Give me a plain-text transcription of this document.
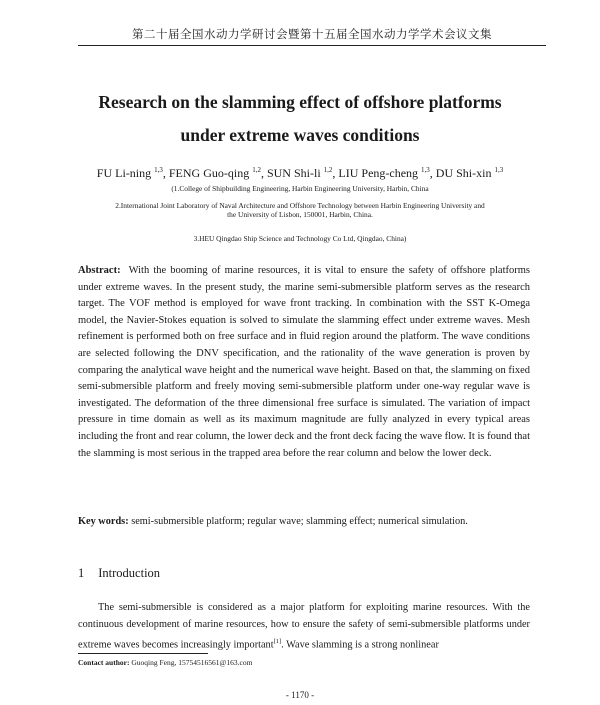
第二十届全国水动力学研讨会暨第十五届全国水动力学学术会议文集
Research on the slamming effect of offshore platforms
under extreme waves conditions
FU Li-ning $^{1,3}$, FENG Guo-qing $^{1,2}$, SUN Shi-li $^{1,2}$, LIU Peng-cheng $^{1,3}$, DU Shi-xin $^{1,3}$
(1.College of Shipbuilding Engineering, Harbin Engineering University, Harbin, China
2.International Joint Laboratory of Naval Architecture and Offshore Technology between Harbin Engineering University and
the University of Lisbon, 150001, Harbin, China.
3.HEU Qingdao Ship Science and Technology Co Ltd, Qingdao, China)
Abstract: With the booming of marine resources, it is vital to ensure the safety of offshore platforms under extreme waves. In the present study, the marine semi-submersible platform serves as the research target. The VOF method is employed for wave front tracking. In combination with the SST K-Omega model, the Navier-Stokes equation is solved to simulate the slamming effect under extreme waves. Mesh refinement is performed both on free surface and in fluid region around the platform. The wave conditions are selected following the DNV specification, and the rationality of the wave generation is proven by comparing the analytical wave height and the numerical wave height. Based on that, the slamming on fixed semi-submersible platform and freely moving semi-submersible platform under one-way regular wave is investigated. The deformation of the three dimensional free surface is simulated. The variation of impact pressure in time domain as well as its maximum magnitude are fully analyzed in every typical areas including the front and rear column, the lower deck and the front deck facing the wave flow. It is found that the slamming is most serious in the trapped area before the rear column and below the lower deck.
Key words: semi-submersible platform; regular wave; slamming effect; numerical simulation.
1 Introduction

The semi-submersible is considered as a major platform for exploiting marine resources. With the continuous development of marine resources, how to ensure the safety of semi-submersible platforms under extreme waves becomes increasingly important[1]. Wave slamming is a strong nonlinear

Contact author: Guoqing Feng, 15754516561@163.com
- 1170 -
